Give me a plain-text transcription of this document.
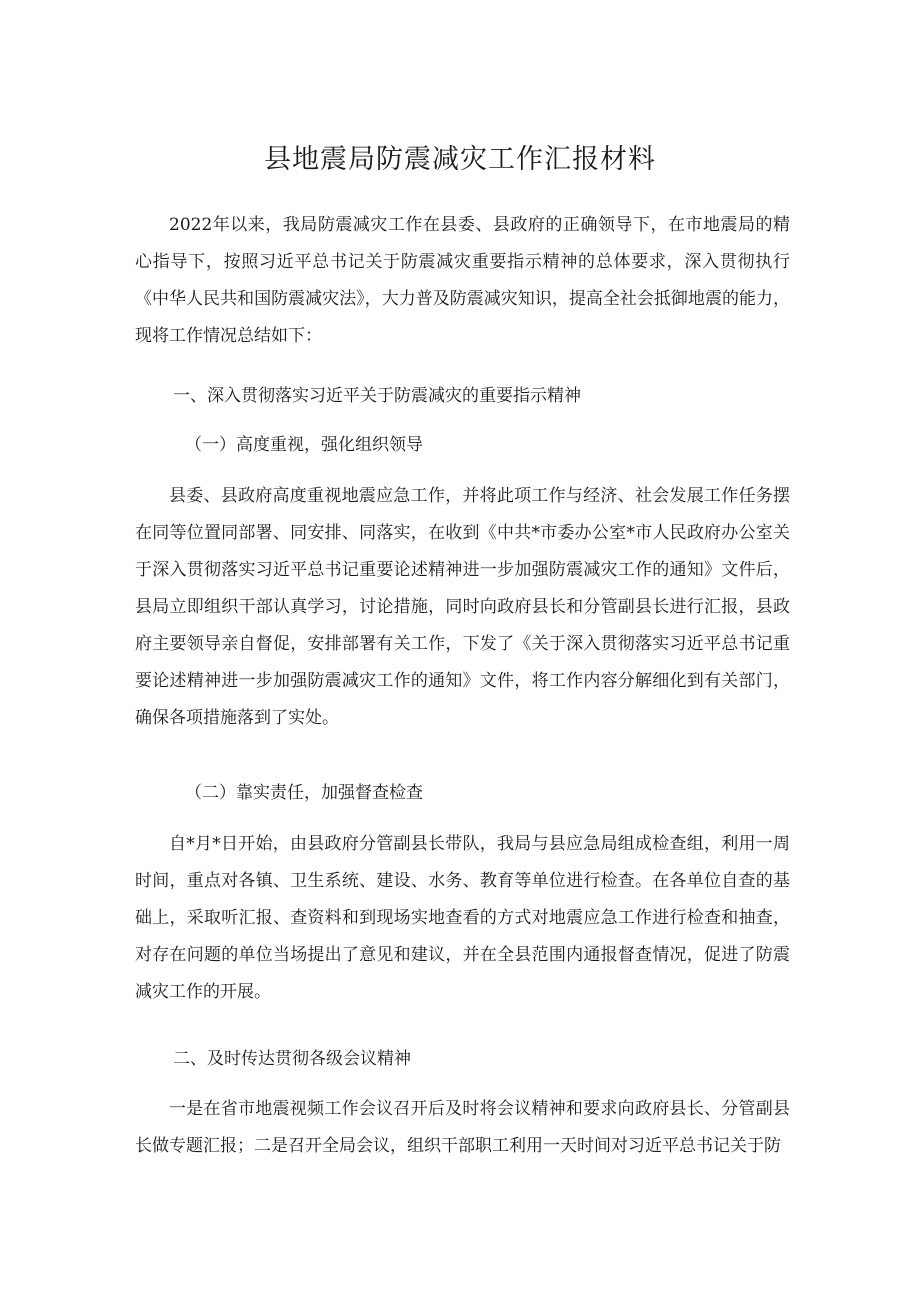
县地震局防震减灾工作汇报材料

2022年以来，我局防震减灾工作在县委、县政府的正确领导下，在市地震局的精心指导下，按照习近平总书记关于防震减灾重要指示精神的总体要求，深入贯彻执行《中华人民共和国防震减灾法》，大力普及防震减灾知识，提高全社会抵御地震的能力，现将工作情况总结如下：

一、深入贯彻落实习近平关于防震减灾的重要指示精神

（一）高度重视，强化组织领导

县委、县政府高度重视地震应急工作，并将此项工作与经济、社会发展工作任务摆在同等位置同部署、同安排、同落实，在收到《中共*市委办公室*市人民政府办公室关于深入贯彻落实习近平总书记重要论述精神进一步加强防震减灾工作的通知》文件后，县局立即组织干部认真学习，讨论措施，同时向政府县长和分管副县长进行汇报，县政府主要领导亲自督促，安排部署有关工作，下发了《关于深入贯彻落实习近平总书记重要论述精神进一步加强防震减灾工作的通知》文件，将工作内容分解细化到有关部门，确保各项措施落到了实处。

（二）靠实责任，加强督查检查

自*月*日开始，由县政府分管副县长带队，我局与县应急局组成检查组，利用一周时间，重点对各镇、卫生系统、建设、水务、教育等单位进行检查。在各单位自查的基础上，采取听汇报、查资料和到现场实地查看的方式对地震应急工作进行检查和抽查，对存在问题的单位当场提出了意见和建议，并在全县范围内通报督查情况，促进了防震减灾工作的开展。

二、及时传达贯彻各级会议精神

一是在省市地震视频工作会议召开后及时将会议精神和要求向政府县长、分管副县长做专题汇报；二是召开全局会议，组织干部职工利用一天时间对习近平总书记关于防
